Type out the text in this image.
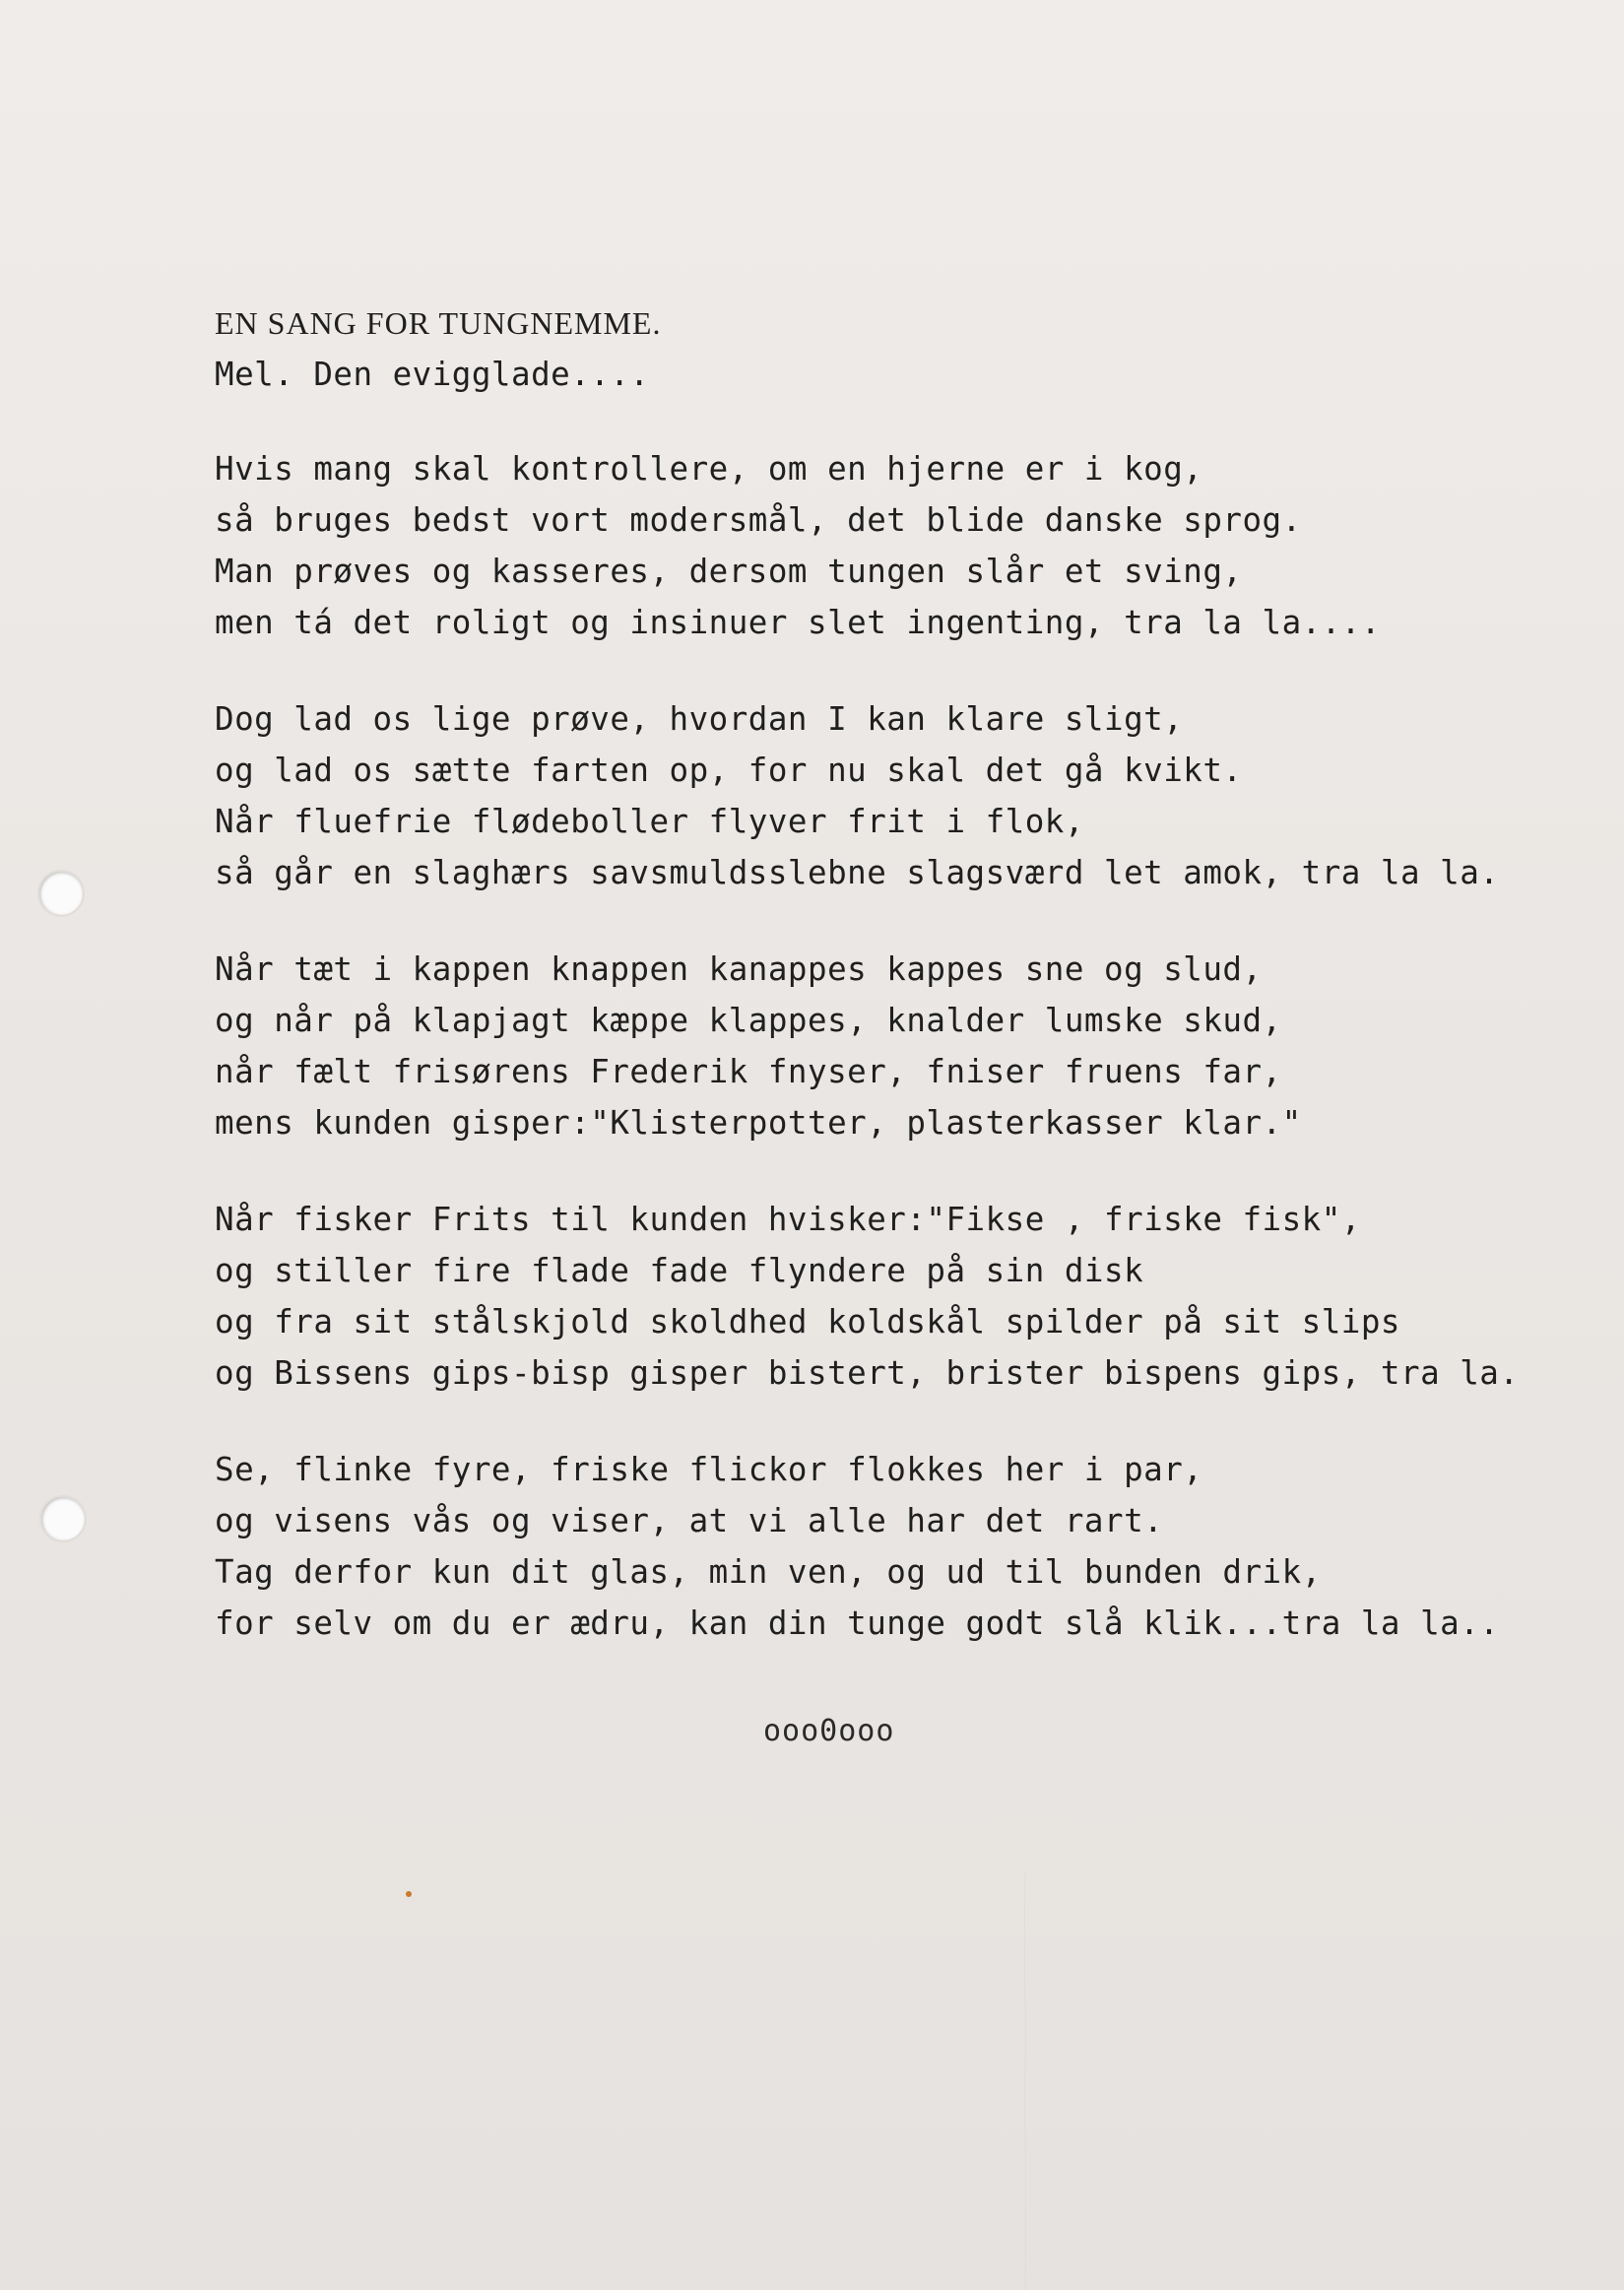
EN SANG FOR TUNGNEMME.
Mel. Den evigglade....
Hvis mang skal kontrollere, om en hjerne er i kog,
så bruges bedst vort modersmål, det blide danske sprog.
Man prøves og kasseres, dersom tungen slår et sving,
men tá det roligt og insinuer slet ingenting, tra la la....
Dog lad os lige prøve, hvordan I kan klare sligt,
og lad os sætte farten op, for nu skal det gå kvikt.
Når fluefrie flødeboller flyver frit i flok,
så går en slaghærs savsmuldsslebne slagsværd let amok, tra la la.
Når tæt i kappen knappen kanappes kappes sne og slud,
og når på klapjagt kæppe klappes, knalder lumske skud,
når fælt frisørens Frederik fnyser, fniser fruens far,
mens kunden gisper:"Klisterpotter, plasterkasser klar."
Når fisker Frits til kunden hvisker:"Fikse , friske fisk",
og stiller fire flade fade flyndere på sin disk
og fra sit stålskjold skoldhed koldskål spilder på sit slips
og Bissens gips-bisp gisper bistert, brister bispens gips, tra la.
Se, flinke fyre, friske flickor flokkes her i par,
og visens vås og viser, at vi alle har det rart.
Tag derfor kun dit glas, min ven, og ud til bunden drik,
for selv om du er ædru, kan din tunge godt slå klik...tra la la..
ooo0ooo
